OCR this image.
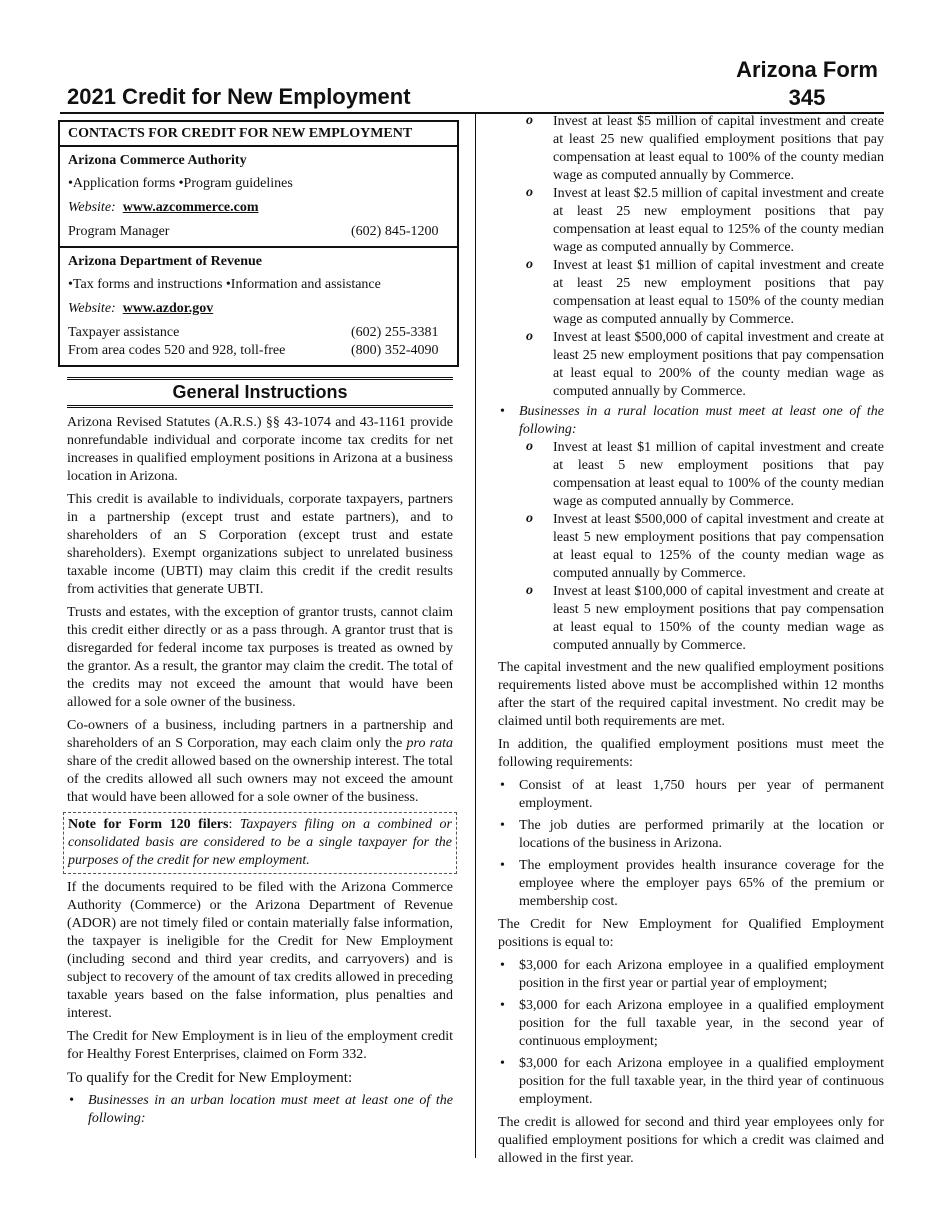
2021 Credit for New Employment
Arizona Form
345
CONTACTS FOR CREDIT FOR NEW EMPLOYMENT
Arizona Commerce Authority
•Application forms •Program guidelines
Website: www.azcommerce.com
Program Manager	(602) 845-1200
Arizona Department of Revenue
•Tax forms and instructions •Information and assistance
Website: www.azdor.gov
Taxpayer assistance	(602) 255-3381
From area codes 520 and 928, toll-free	(800) 352-4090
General Instructions

Arizona Revised Statutes (A.R.S.) §§ 43-1074 and 43-1161 provide nonrefundable individual and corporate income tax credits for net increases in qualified employment positions in Arizona at a business location in Arizona.

This credit is available to individuals, corporate taxpayers, partners in a partnership (except trust and estate partners), and to shareholders of an S Corporation (except trust and estate shareholders). Exempt organizations subject to unrelated business taxable income (UBTI) may claim this credit if the credit results from activities that generate UBTI.

Trusts and estates, with the exception of grantor trusts, cannot claim this credit either directly or as a pass through. A grantor trust that is disregarded for federal income tax purposes is treated as owned by the grantor. As a result, the grantor may claim the credit. The total of the credits may not exceed the amount that would have been allowed for a sole owner of the business.

Co-owners of a business, including partners in a partnership and shareholders of an S Corporation, may each claim only the pro rata share of the credit allowed based on the ownership interest. The total of the credits allowed all such owners may not exceed the amount that would have been allowed for a sole owner of the business.

Note for Form 120 filers: Taxpayers filing on a combined or consolidated basis are considered to be a single taxpayer for the purposes of the credit for new employment.

If the documents required to be filed with the Arizona Commerce Authority (Commerce) or the Arizona Department of Revenue (ADOR) are not timely filed or contain materially false information, the taxpayer is ineligible for the Credit for New Employment (including second and third year credits, and carryovers) and is subject to recovery of the amount of tax credits allowed in preceding taxable years based on the false information, plus penalties and interest.

The Credit for New Employment is in lieu of the employment credit for Healthy Forest Enterprises, claimed on Form 332.

To qualify for the Credit for New Employment:

• Businesses in an urban location must meet at least one of the following:
o Invest at least $5 million of capital investment and create at least 25 new qualified employment positions that pay compensation at least equal to 100% of the county median wage as computed annually by Commerce.
o Invest at least $2.5 million of capital investment and create at least 25 new employment positions that pay compensation at least equal to 125% of the county median wage as computed annually by Commerce.
o Invest at least $1 million of capital investment and create at least 25 new employment positions that pay compensation at least equal to 150% of the county median wage as computed annually by Commerce.
o Invest at least $500,000 of capital investment and create at least 25 new employment positions that pay compensation at least equal to 200% of the county median wage as computed annually by Commerce.
• Businesses in a rural location must meet at least one of the following:
o Invest at least $1 million of capital investment and create at least 5 new employment positions that pay compensation at least equal to 100% of the county median wage as computed annually by Commerce.
o Invest at least $500,000 of capital investment and create at least 5 new employment positions that pay compensation at least equal to 125% of the county median wage as computed annually by Commerce.
o Invest at least $100,000 of capital investment and create at least 5 new employment positions that pay compensation at least equal to 150% of the county median wage as computed annually by Commerce.

The capital investment and the new qualified employment positions requirements listed above must be accomplished within 12 months after the start of the required capital investment. No credit may be claimed until both requirements are met.

In addition, the qualified employment positions must meet the following requirements:

• Consist of at least 1,750 hours per year of permanent employment.
• The job duties are performed primarily at the location or locations of the business in Arizona.
• The employment provides health insurance coverage for the employee where the employer pays 65% of the premium or membership cost.

The Credit for New Employment for Qualified Employment positions is equal to:

• $3,000 for each Arizona employee in a qualified employment position in the first year or partial year of employment;
• $3,000 for each Arizona employee in a qualified employment position for the full taxable year, in the second year of continuous employment;
• $3,000 for each Arizona employee in a qualified employment position for the full taxable year, in the third year of continuous employment.

The credit is allowed for second and third year employees only for qualified employment positions for which a credit was claimed and allowed in the first year.
